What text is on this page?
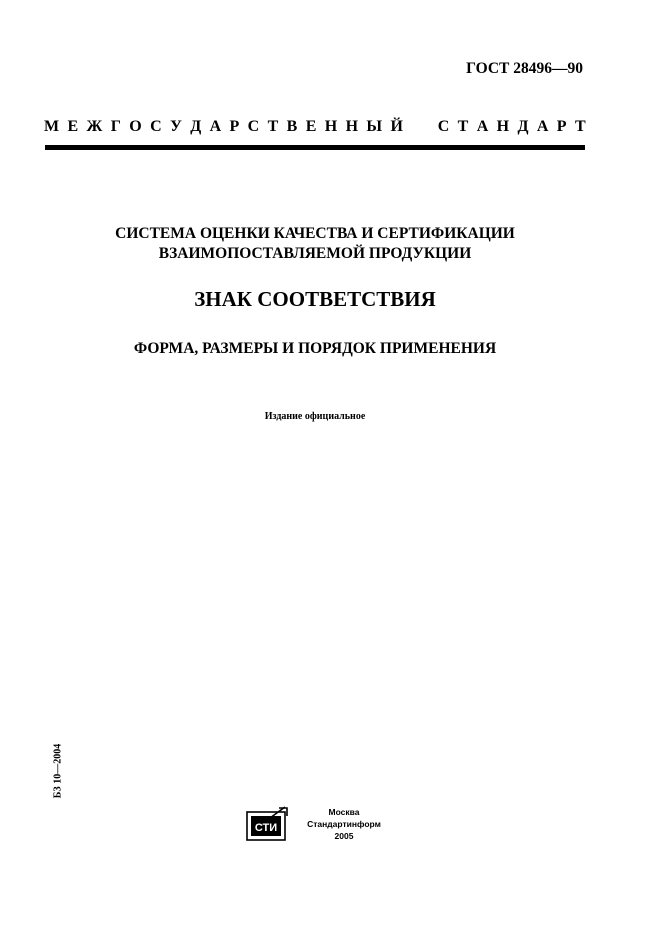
ГОСТ 28496—90
М Е Ж Г О С У Д А Р С Т В Е Н Н Ы Й С Т А Н Д А Р Т
СИСТЕМА ОЦЕНКИ КАЧЕСТВА И СЕРТИФИКАЦИИ
ВЗАИМОПОСТАВЛЯЕМОЙ ПРОДУКЦИИ
ЗНАК СООТВЕТСТВИЯ
ФОРМА, РАЗМЕРЫ И ПОРЯДОК ПРИМЕНЕНИЯ
Издание официальное
БЗ 10—2004
СТИ
Москва
Стандартинформ
2005
